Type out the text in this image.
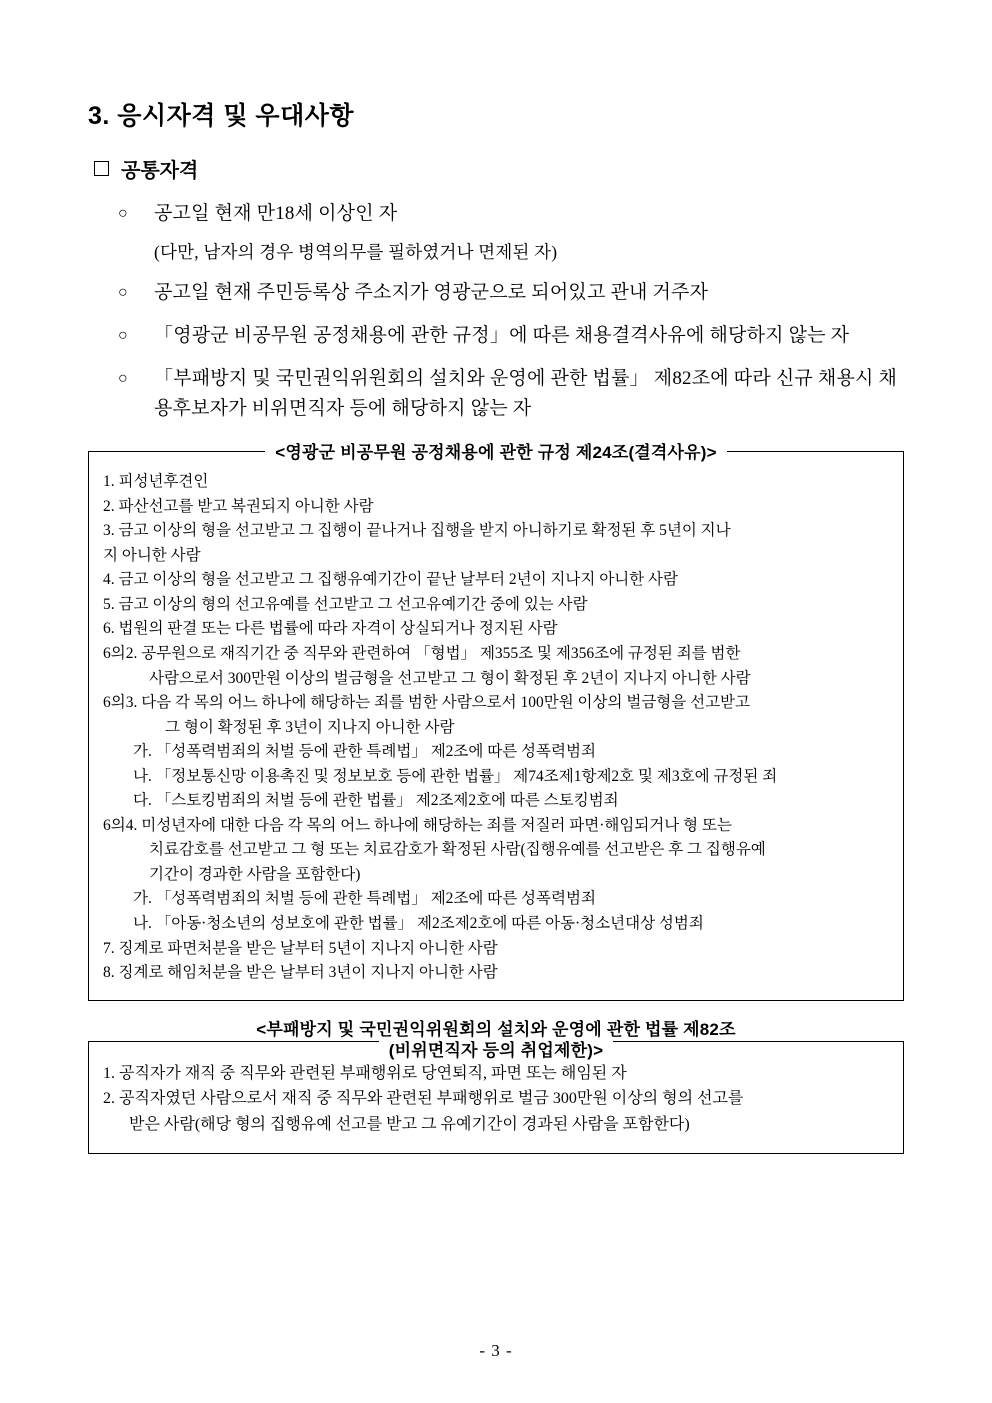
3. 응시자격 및 우대사항
공통자격
○	공고일 현재 만18세 이상인 자
(다만, 남자의 경우 병역의무를 필하였거나 면제된 자)
○	공고일 현재 주민등록상 주소지가 영광군으로 되어있고 관내 거주자
○	「영광군 비공무원 공정채용에 관한 규정」에 따른 채용결격사유에 해당하지 않는 자
○	「부패방지 및 국민권익위원회의 설치와 운영에 관한 법률」 제82조에 따라 신규 채용시 채용후보자가 비위면직자 등에 해당하지 않는 자
<영광군 비공무원 공정채용에 관한 규정 제24조(결격사유)>
1. 피성년후견인
2. 파산선고를 받고 복권되지 아니한 사람
3. 금고 이상의 형을 선고받고 그 집행이 끝나거나 집행을 받지 아니하기로 확정된 후 5년이 지나
지 아니한 사람
4. 금고 이상의 형을 선고받고 그 집행유예기간이 끝난 날부터 2년이 지나지 아니한 사람
5. 금고 이상의 형의 선고유예를 선고받고 그 선고유예기간 중에 있는 사람
6. 법원의 판결 또는 다른 법률에 따라 자격이 상실되거나 정지된 사람
6의2. 공무원으로 재직기간 중 직무와 관련하여 「형법」 제355조 및 제356조에 규정된 죄를 범한
사람으로서 300만원 이상의 벌금형을 선고받고 그 형이 확정된 후 2년이 지나지 아니한 사람
6의3. 다음 각 목의 어느 하나에 해당하는 죄를 범한 사람으로서 100만원 이상의 벌금형을 선고받고
그 형이 확정된 후 3년이 지나지 아니한 사람
가. 「성폭력범죄의 처벌 등에 관한 특례법」 제2조에 따른 성폭력범죄
나. 「정보통신망 이용촉진 및 정보보호 등에 관한 법률」 제74조제1항제2호 및 제3호에 규정된 죄
다. 「스토킹범죄의 처벌 등에 관한 법률」 제2조제2호에 따른 스토킹범죄
6의4. 미성년자에 대한 다음 각 목의 어느 하나에 해당하는 죄를 저질러 파면·해임되거나 형 또는
치료감호를 선고받고 그 형 또는 치료감호가 확정된 사람(집행유예를 선고받은 후 그 집행유예
기간이 경과한 사람을 포함한다)
가. 「성폭력범죄의 처벌 등에 관한 특례법」 제2조에 따른 성폭력범죄
나. 「아동·청소년의 성보호에 관한 법률」 제2조제2호에 따른 아동·청소년대상 성범죄
7. 징계로 파면처분을 받은 날부터 5년이 지나지 아니한 사람
8. 징계로 해임처분을 받은 날부터 3년이 지나지 아니한 사람
<부패방지 및 국민권익위원회의 설치와 운영에 관한 법률 제82조
(비위면직자 등의 취업제한)>
1. 공직자가 재직 중 직무와 관련된 부패행위로 당연퇴직, 파면 또는 해임된 자
2. 공직자였던 사람으로서 재직 중 직무와 관련된 부패행위로 벌금 300만원 이상의 형의 선고를
받은 사람(해당 형의 집행유예 선고를 받고 그 유예기간이 경과된 사람을 포함한다)
- 3 -
